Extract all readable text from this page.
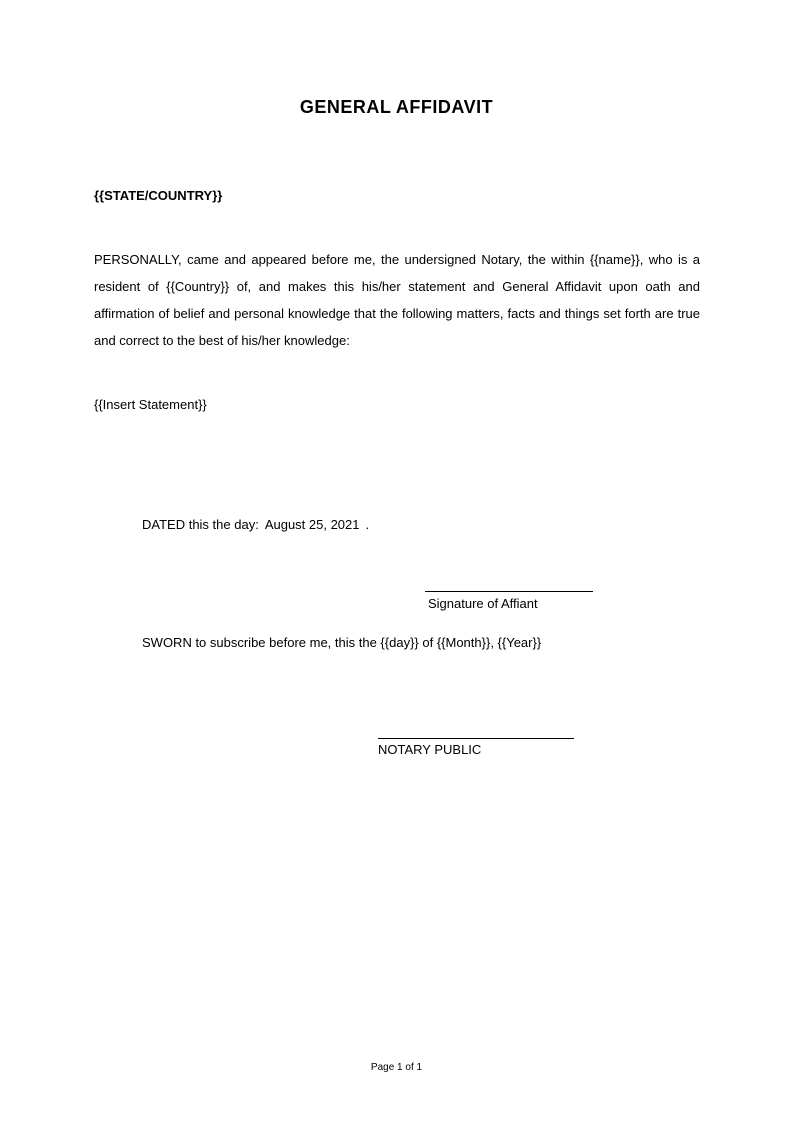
GENERAL AFFIDAVIT
{{STATE/COUNTRY}}
PERSONALLY, came and appeared before me, the undersigned Notary, the within {{name}}, who is a resident of {{Country}} of, and makes this his/her statement and General Affidavit upon oath and affirmation of belief and personal knowledge that the following matters, facts and things set forth are true and correct to the best of his/her knowledge:
{{Insert Statement}}
DATED this the day: August 25, 2021 .
Signature of Affiant
SWORN to subscribe before me, this the {{day}} of {{Month}}, {{Year}}
NOTARY PUBLIC
Page 1 of 1
